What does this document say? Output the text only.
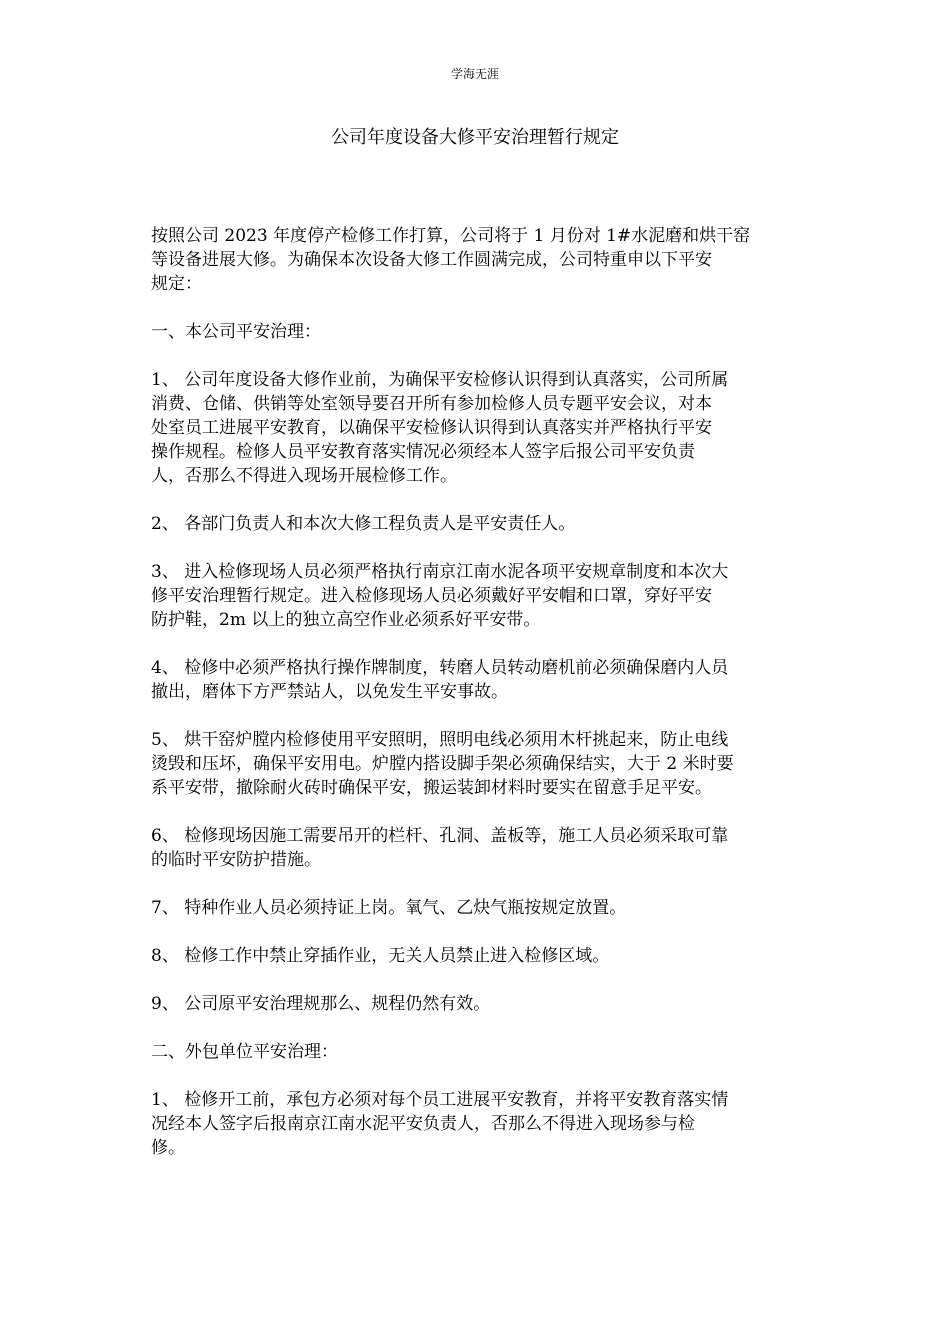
学海无涯
公司年度设备大修平安治理暂行规定

按照公司 2023 年度停产检修工作打算，公司将于 1 月份对 1#水泥磨和烘干窑
等设备进展大修。为确保本次设备大修工作圆满完成，公司特重申以下平安
规定：

一、本公司平安治理：

1、 公司年度设备大修作业前，为确保平安检修认识得到认真落实，公司所属
消费、仓储、供销等处室领导要召开所有参加检修人员专题平安会议，对本
处室员工进展平安教育，以确保平安检修认识得到认真落实并严格执行平安
操作规程。检修人员平安教育落实情况必须经本人签字后报公司平安负责
人，否那么不得进入现场开展检修工作。

2、 各部门负责人和本次大修工程负责人是平安责任人。

3、 进入检修现场人员必须严格执行南京江南水泥各项平安规章制度和本次大
修平安治理暂行规定。进入检修现场人员必须戴好平安帽和口罩，穿好平安
防护鞋，2m 以上的独立高空作业必须系好平安带。

4、 检修中必须严格执行操作牌制度，转磨人员转动磨机前必须确保磨内人员
撤出，磨体下方严禁站人，以免发生平安事故。

5、 烘干窑炉膛内检修使用平安照明，照明电线必须用木杆挑起来，防止电线
烫毁和压坏，确保平安用电。炉膛内搭设脚手架必须确保结实，大于 2 米时要
系平安带，撤除耐火砖时确保平安，搬运装卸材料时要实在留意手足平安。

6、 检修现场因施工需要吊开的栏杆、孔洞、盖板等，施工人员必须采取可靠
的临时平安防护措施。

7、 特种作业人员必须持证上岗。氧气、乙炔气瓶按规定放置。

8、 检修工作中禁止穿插作业，无关人员禁止进入检修区域。

9、 公司原平安治理规那么、规程仍然有效。

二、外包单位平安治理：

1、 检修开工前，承包方必须对每个员工进展平安教育，并将平安教育落实情
况经本人签字后报南京江南水泥平安负责人，否那么不得进入现场参与检
修。
